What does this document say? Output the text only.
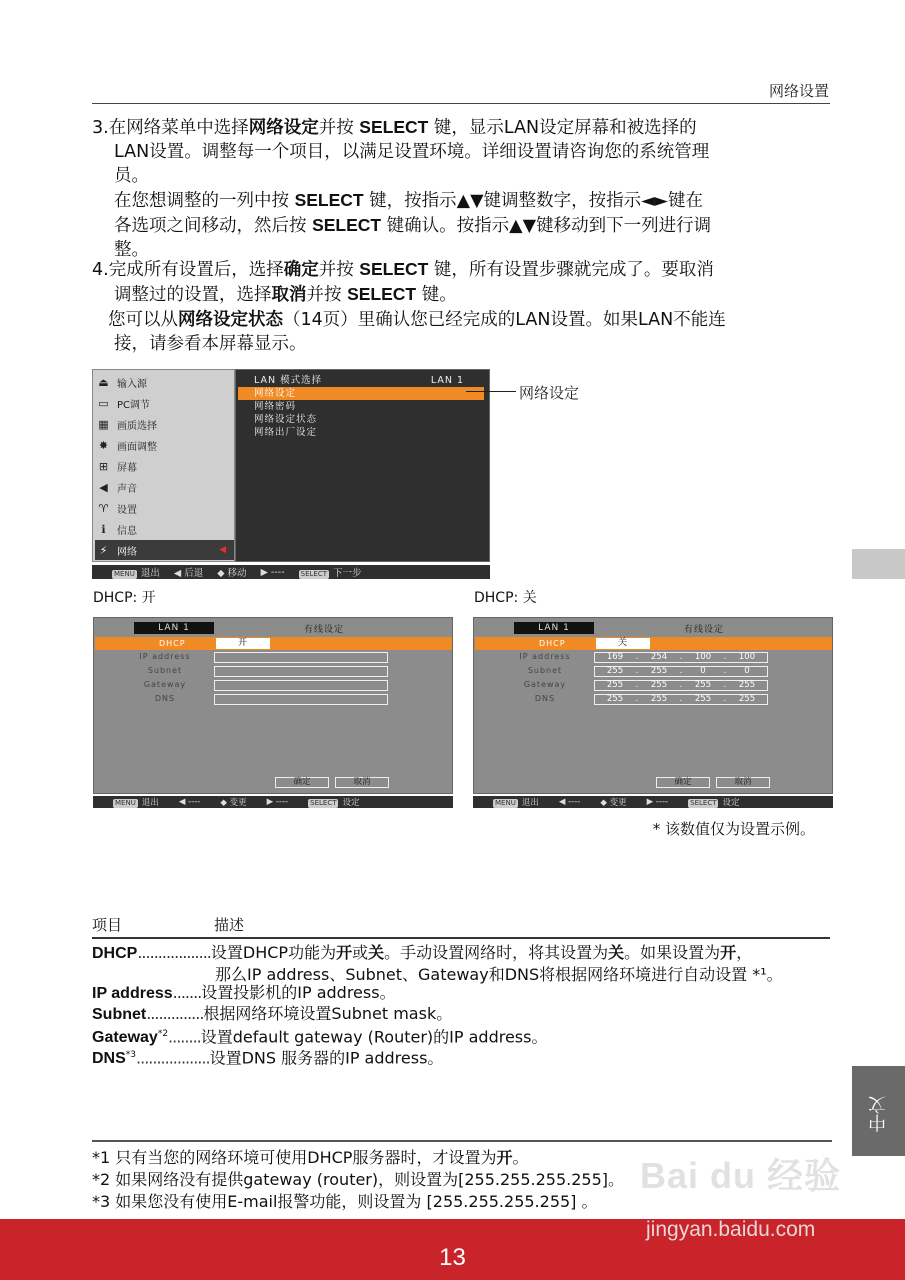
网络设置
3.在网络菜单中选择网络设定并按 SELECT 键，显示LAN设定屏幕和被选择的
LAN设置。调整每一个项目，以满足设置环境。详细设置请咨询您的系统管理
员。
在您想调整的一列中按 SELECT 键，按指示▲▼键调整数字，按指示◄►键在
各选项之间移动，然后按 SELECT 键确认。按指示▲▼键移动到下一列进行调
整。
4.完成所有设置后，选择确定并按 SELECT 键，所有设置步骤就完成了。要取消
调整过的设置，选择取消并按 SELECT 键。
您可以从网络设定状态（14页）里确认您已经完成的LAN设置。如果LAN不能连
接，请参看本屏幕显示。
⏏ 输入源
▭ PC调节
▦ 画质选择
✸ 画面调整
⊞ 屏幕
◀ 声音
♈ 设置
ℹ	信息
⚡ 网络	◀
LAN 模式选择	LAN 1
网络设定
网络密码
网络设定状态
网络出厂设定
MENU 退出 ◀ 后退 ◆ 移动 ▶ ---- SELECT 下一步
网络设定
DHCP: 开	DHCP: 关
LAN 1	有线设定
DHCP	开
IP address
Subnet
Gateway
DNS
确定	取消
MENU 退出 ◀ ---- ◆ 变更 ▶ ----	SELECT 设定
LAN 1	有线设定
DHCP	关
IP address	169	.	254	.	100	.	100
Subnet	255	.	255	.	0	.	0
Gateway	255	.	255	.	255	.	255
DNS	255	.	255	.	255	.	255
确定	取消
MENU 退出 ◀ ---- ◆ 变更 ▶ ----	SELECT 设定
* 该数值仅为设置示例。
项目	描述
DHCP..................设置DHCP功能为开或关。手动设置网络时，将其设置为关。如果设置为开，
那么IP address、Subnet、Gateway和DNS将根据网络环境进行自动设置 *¹。
IP address.......设置投影机的IP address。
Subnet..............根据网络环境设置Subnet mask。
Gateway$^{*2}$........设置default gateway (Router)的IP address。
DNS$^{*3}$..................设置DNS 服务器的IP address。
*1 只有当您的网络环境可使用DHCP服务器时，才设置为开。
*2 如果网络没有提供gateway (router)，则设置为[255.255.255.255]。
*3 如果您没有使用E-mail报警功能，则设置为 [255.255.255.255] 。
中文
Bai du 经验
jingyan.baidu.com
13
